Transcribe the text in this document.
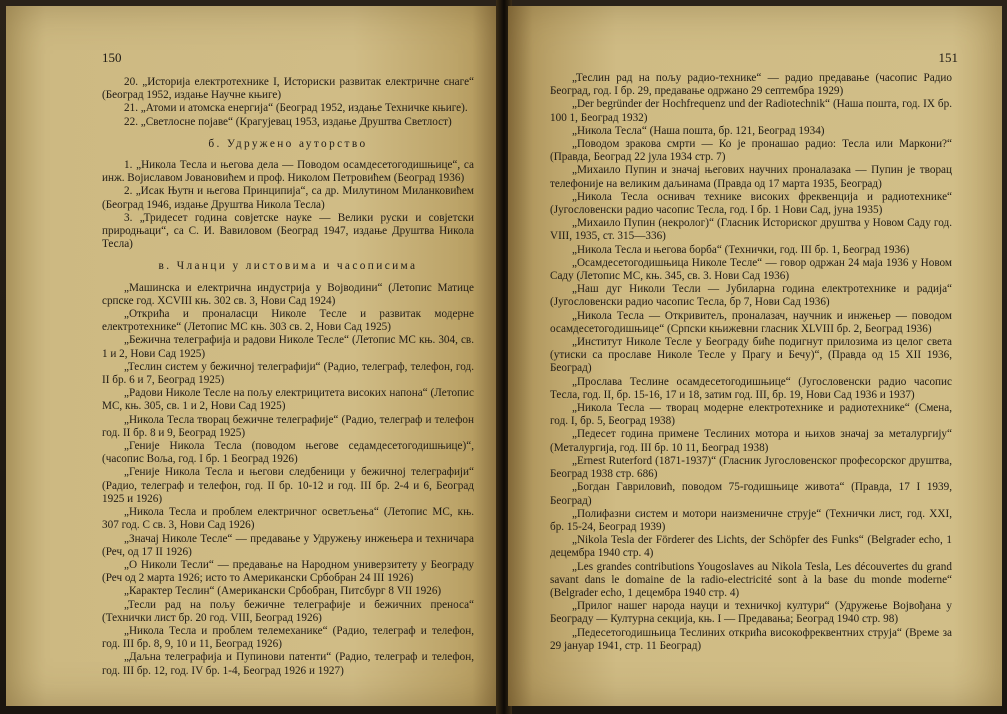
150

20. „Историја електротехнике I, Историски развитак електричне снаге“ (Београд 1952, издање Научне књиге)

21. „Атоми и атомска енергија“ (Београд 1952, издање Техничке књиге).

22. „Светлосне појаве“ (Крагујевац 1953, издање Друштва Светлост)

б. Удружено ауторство

1. „Никола Тесла и његова дела — Поводом осамдесетогодишњице“, са инж. Војиславом Јовановићем и проф. Николом Петровићем (Београд 1936)

2. „Исак Њутн и његова Принципија“, са др. Милутином Миланковићем (Београд 1946, издање Друштва Никола Тесла)

3. „Тридесет година совјетске науке — Велики руски и совјетски природњаци“, са С. И. Вавиловом (Београд 1947, издање Друштва Никола Тесла)

в. Чланци у листовима и часописима

„Машинска и електрична индустрија у Војводини“ (Летопис Матице српске год. XCVIII књ. 302 св. 3, Нови Сад 1924)

„Открића и проналасци Николе Тесле и развитак модерне електротехнике“ (Летопис МС књ. 303 св. 2, Нови Сад 1925)

„Бежична телеграфија и радови Николе Тесле“ (Летопис МС књ. 304, св. 1 и 2, Нови Сад 1925)

„Теслин систем у бежичној телеграфији“ (Радио, телеграф, телефон, год. II бр. 6 и 7, Београд 1925)

„Радови Николе Тесле на пољу електрицитета високих напона“ (Летопис МС, књ. 305, св. 1 и 2, Нови Сад 1925)

„Никола Тесла творац бежичне телеграфије“ (Радио, телеграф и телефон год. II бр. 8 и 9, Београд 1925)

„Геније Никола Тесла (поводом његове седамдесетогодишњице)“, (часопис Воља, год. I бр. 1 Београд 1926)

„Геније Никола Тесла и његови следбеници у бежичној телеграфији“ (Радио, телеграф и телефон, год. II бр. 10-12 и год. III бр. 2-4 и 6, Београд 1925 и 1926)

„Никола Тесла и проблем електричног осветљења“ (Летопис МС, књ. 307 год. С св. 3, Нови Сад 1926)

„Значај Николе Тесле“ — предавање у Удружењу инжењера и техничара (Реч, од 17 II 1926)

„О Николи Тесли“ — предавање на Народном универзитету у Београду (Реч од 2 марта 1926; исто то Американски Србобран 24 III 1926)

„Карактер Теслин“ (Американски Србобран, Питсбург 8 VII 1926)

„Тесли рад на пољу бежичне телеграфије и бежичних преноса“ (Технички лист бр. 20 год. VIII, Београд 1926)

„Никола Тесла и проблем телемеханике“ (Радио, телеграф и телефон, год. III бр. 8, 9, 10 и 11, Београд 1926)

„Даљна телеграфија и Пупинови патенти“ (Радио, телеграф и телефон, год. III бр. 12, год. IV бр. 1-4, Београд 1926 и 1927)

151

„Теслин рад на пољу радио-технике“ — радио предавање (часопис Радио Београд, год. I бр. 29, предавање одржано 29 септембра 1929)

„Der begründer der Hochfrequenz und der Radiotechnik“ (Наша пошта, год. IX бр. 100 1, Београд 1932)

„Никола Тесла“ (Наша пошта, бр. 121, Београд 1934)

„Поводом зракова смрти — Ко је пронашао радио: Тесла или Маркони?“ (Правда, Београд 22 јула 1934 стр. 7)

„Михаило Пупин и значај његових научних проналазака — Пупин је творац телефоније на великим даљинама (Правда од 17 марта 1935, Београд)

„Никола Тесла оснивач технике високих фреквенција и радиотехнике“ (Југословенски радио часопис Тесла, год. I бр. 1 Нови Сад, јуна 1935)

„Михаило Пупин (некролог)“ (Гласник Историског друштва у Новом Саду год. VIII, 1935, ст. 315—336)

„Никола Тесла и његова борба“ (Технички, год. III бр. 1, Београд 1936)

„Осамдесетогодишњица Николе Тесле“ — говор одржан 24 маја 1936 у Новом Саду (Летопис МС, књ. 345, св. 3. Нови Сад 1936)

„Наш дуг Николи Тесли — Јубиларна година електротехнике и радија“ (Југословенски радио часопис Тесла, бр 7, Нови Сад 1936)

„Никола Тесла — Откривитељ, проналазач, научник и инжењер — поводом осамдесетогодишњице“ (Српски књижевни гласник XLVIII бр. 2, Београд 1936)

„Институт Николе Тесле у Београду биће подигнут прилозима из целог света (утиски са прославе Николе Тесле у Прагу и Бечу)“, (Правда од 15 XII 1936, Београд)

„Прослава Теслине осамдесетогодишњице“ (Југословенски радио часопис Тесла, год. II, бр. 15-16, 17 и 18, затим год. III, бр. 19, Нови Сад 1936 и 1937)

„Никола Тесла — творац модерне електротехнике и радиотехнике“ (Смена, год. I, бр. 5, Београд 1938)

„Педесет година примене Теслиних мотора и њихов значај за металургију“ (Металургија, год. III бр. 10 11, Београд 1938)

„Ernest Ruterford (1871-1937)“ (Гласник Југословенског професорског друштва, Београд 1938 стр. 686)

„Богдан Гавриловић, поводом 75-годишњице живота“ (Правда, 17 I 1939, Београд)

„Полифазни систем и мотори наизменичне струје“ (Технички лист, год. XXI, бр. 15-24, Београд 1939)

„Nikola Tesla der Förderer des Lichts, der Schöpfer des Funks“ (Belgrader echo, 1 децембра 1940 стр. 4)

„Les grandes contributions Yougoslaves au Nikola Tesla, Les découvertes du grand savant dans le domaine de la radio-electricité sont à la base du monde moderne“ (Belgrader echo, 1 децембра 1940 стр. 4)

„Прилог нашег народа науци и техничкој култури“ (Удружење Војвођана у Београду — Културна секција, књ. I — Предавања; Београд 1940 стр. 98)

„Педесетогодишњица Теслиних открића високофреквентних струја“ (Време за 29 јануар 1941, стр. 11 Београд)
